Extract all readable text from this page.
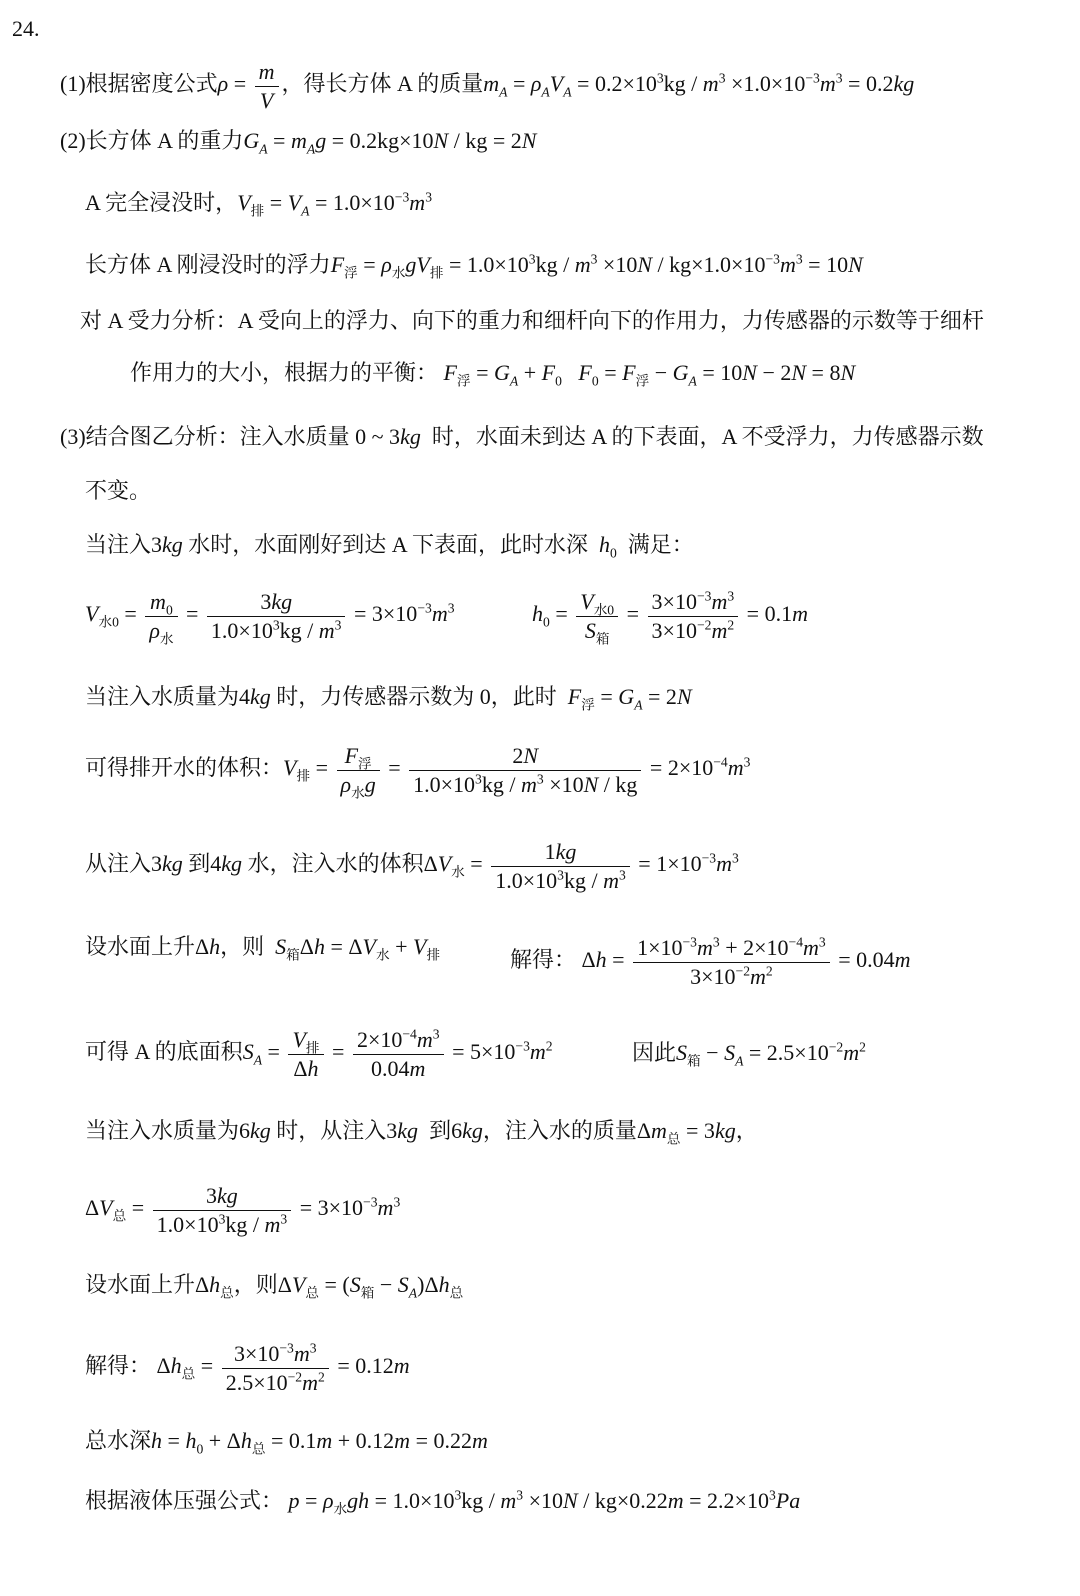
24.
(1)根据密度公式$\rho = \frac{m}{V}$ ，得长方体 A 的质量$m_A = \rho_AV_A = 0.2\times 10^3kg / m^3 \times 1.0\times 10^{-3}m^3 = 0.2kg$
(2)长方体 A 的重力$G_A = m_Ag = 0.2kg\times 10N$ / kg = 2N
A 完全浸没时，$V_排 = V_A = 1.0\times 10^{-3}m^3$
长方体 A 刚浸没时的浮力$F_浮 = \rho_水gV_排 = 1.0\times 10^3kg / m^3 \times 10N / kg\times 1.0\times 10^{-3}m^3 = 10N$
对 A 受力分析：A 受向上的浮力、向下的重力和细杆向下的作用力，力传感器的示数等于细杆
作用力的大小，根据力的平衡： $F_浮 = G_A + F_0$ $F_0 = F_浮 - G_A = 10N - 2N = 8N$
(3)结合图乙分析：注入水质量 0 ~ 3kg  时，水面未到达 A 的下表面，A 不受浮力，力传感器示数
不变。
当注入3kg 水时，水面刚好到达 A 下表面，此时水深  $h_0$  满足：
$V_{水0} = \frac{m_0}{\rho_水} = \frac{3kg}{1.0\times 10^3kg / m^3} = 3\times 10^{-3}m^3$	$h_0 = \frac{V_{水0}}{S_箱} = \frac{3\times 10^{-3}m^3}{3\times 10^{-2}m^2} = 0.1m$
当注入水质量为4kg 时，力传感器示数为 0，此时  $F_浮 = G_A = 2N$
可得排开水的体积：$V_排 = \frac{F_浮}{\rho_水g} = \frac{2N}{1.0\times 10^3kg / m^3 \times 10N / kg} = 2\times 10^{-4}m^3$
从注入3kg 到4kg 水，注入水的体积$\Delta V_水 = \frac{1kg}{1.0\times 10^3kg / m^3} = 1\times 10^{-3}m^3$
设水面上升Δh，则  $S_箱\Delta h = \Delta V_水 + V_排$	解得： $\Delta h = \frac{1\times 10^{-3}m^3 + 2\times 10^{-4}m^3}{3\times 10^{-2}m^2} = 0.04m$
可得 A 的底面积$S_A = \frac{V_排}{\Delta h} = \frac{2\times 10^{-4}m^3}{0.04m} = 5\times 10^{-3}m^2$	因此$S_箱 - S_A = 2.5\times 10^{-2}m^2$
当注入水质量为6kg 时，从注入3kg  到6kg，注入水的质量$\Delta m_总 = 3kg$，
$\Delta V_总 = \frac{3kg}{1.0\times 10^3kg / m^3} = 3\times 10^{-3}m^3$
设水面上升$\Delta h_总$，则$\Delta V_总 = (S_箱 - S_A)\Delta h_总$
解得： $\Delta h_总 = \frac{3\times 10^{-3}m^3}{2.5\times 10^{-2}m^2} = 0.12m$
总水深$h = h_0 + \Delta h_总 = 0.1m + 0.12m = 0.22m$
根据液体压强公式： $p = \rho_水gh = 1.0\times 10^3kg / m^3 \times 10N / kg\times 0.22m = 2.2\times 10^3Pa$
